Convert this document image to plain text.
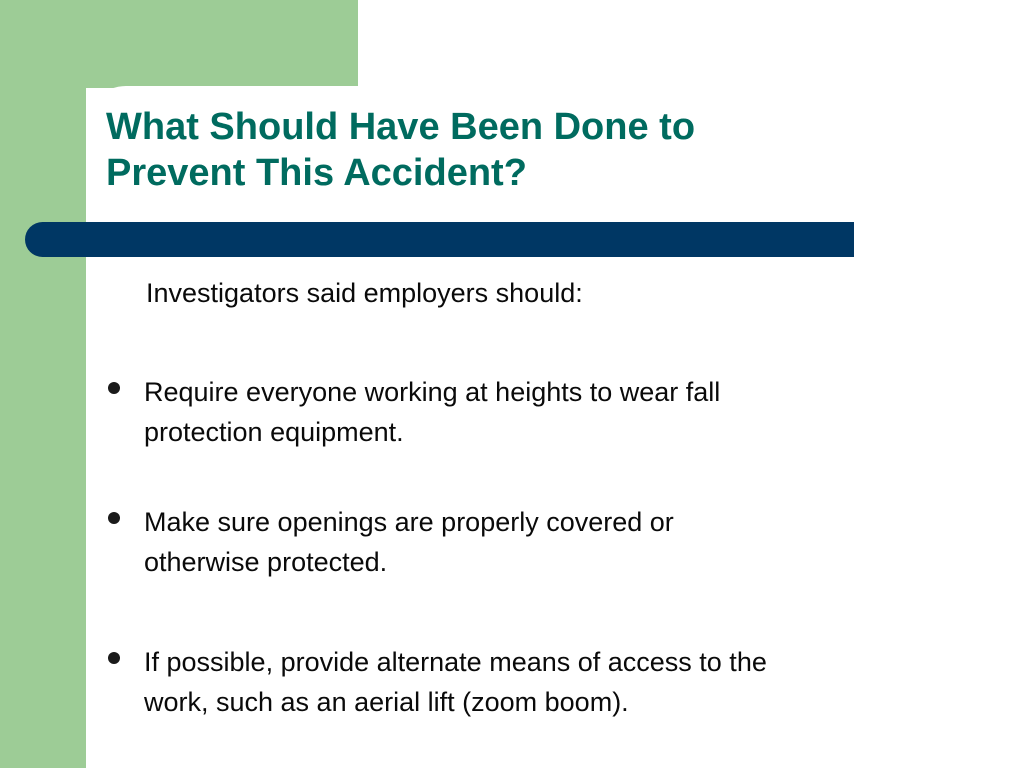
What Should Have Been Done to
Prevent This Accident?
Investigators said employers should:
Require everyone working at heights to wear fall
protection equipment.
Make sure openings are properly covered or
otherwise protected.
If possible, provide alternate means of access to the
work, such as an aerial lift (zoom boom).
